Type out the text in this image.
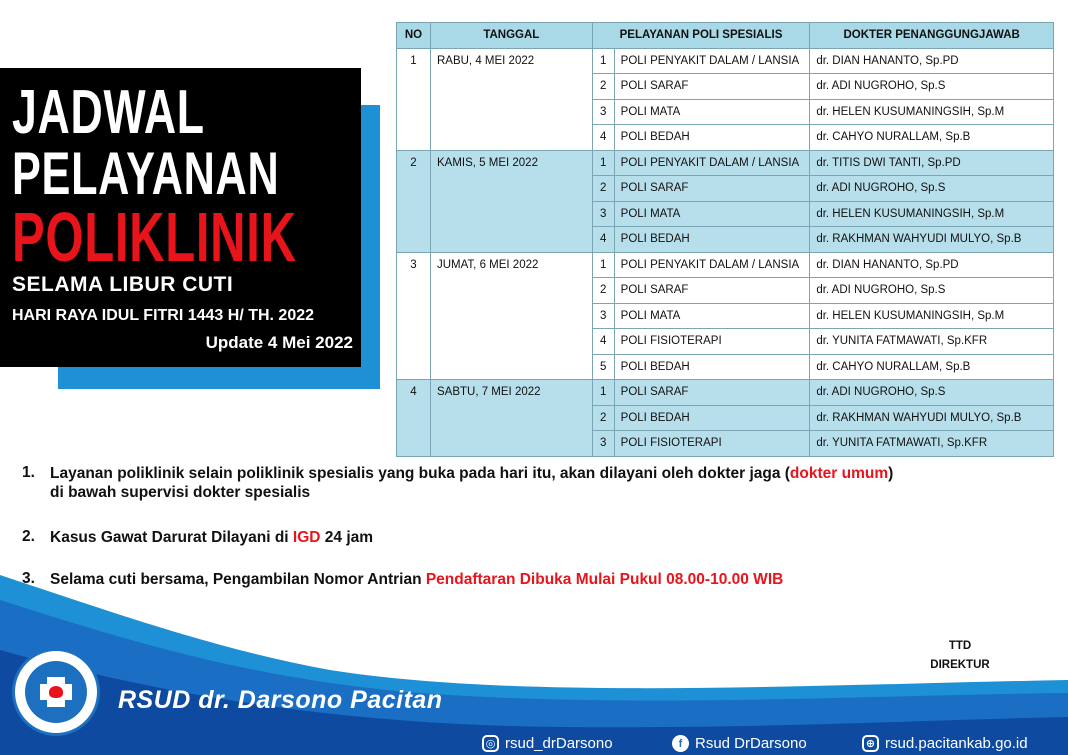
JADWAL
PELAYANAN
POLIKLINIK
SELAMA LIBUR CUTI
HARI RAYA IDUL FITRI 1443 H/ TH. 2022
Update 4 Mei 2022
NO	TANGGAL	PELAYANAN POLI SPESIALIS		DOKTER PENANGGUNGJAWAB
1	RABU, 4 MEI 2022	1	POLI PENYAKIT DALAM / LANSIA	dr. DIAN HANANTO, Sp.PD
		2	POLI SARAF	dr. ADI NUGROHO, Sp.S
		3	POLI MATA	dr. HELEN KUSUMANINGSIH, Sp.M
		4	POLI BEDAH	dr. CAHYO NURALLAM, Sp.B
2	KAMIS, 5 MEI 2022	1	POLI PENYAKIT DALAM / LANSIA	dr. TITIS DWI TANTI, Sp.PD
		2	POLI SARAF	dr. ADI NUGROHO, Sp.S
		3	POLI MATA	dr. HELEN KUSUMANINGSIH, Sp.M
		4	POLI BEDAH	dr. RAKHMAN WAHYUDI MULYO, Sp.B
3	JUMAT, 6 MEI 2022	1	POLI PENYAKIT DALAM / LANSIA	dr. DIAN HANANTO, Sp.PD
		2	POLI SARAF	dr. ADI NUGROHO, Sp.S
		3	POLI MATA	dr. HELEN KUSUMANINGSIH, Sp.M
		4	POLI FISIOTERAPI	dr. YUNITA FATMAWATI, Sp.KFR
		5	POLI BEDAH	dr. CAHYO NURALLAM, Sp.B
4	SABTU, 7 MEI 2022	1	POLI SARAF	dr. ADI NUGROHO, Sp.S
		2	POLI BEDAH	dr. RAKHMAN WAHYUDI MULYO, Sp.B
		3	POLI FISIOTERAPI	dr. YUNITA FATMAWATI, Sp.KFR
1. Layanan poliklinik selain poliklinik spesialis yang buka pada hari itu, akan dilayani oleh dokter jaga (dokter umum)
di bawah supervisi dokter spesialis
2. Kasus Gawat Darurat Dilayani di IGD 24 jam
3. Selama cuti bersama, Pengambilan Nomor Antrian Pendaftaran Dibuka Mulai Pukul 08.00-10.00 WIB
TTD
DIREKTUR
RSUD dr. Darsono Pacitan
◎ rsud_drDarsono	f Rsud DrDarsono	⊕ rsud.pacitankab.go.id
